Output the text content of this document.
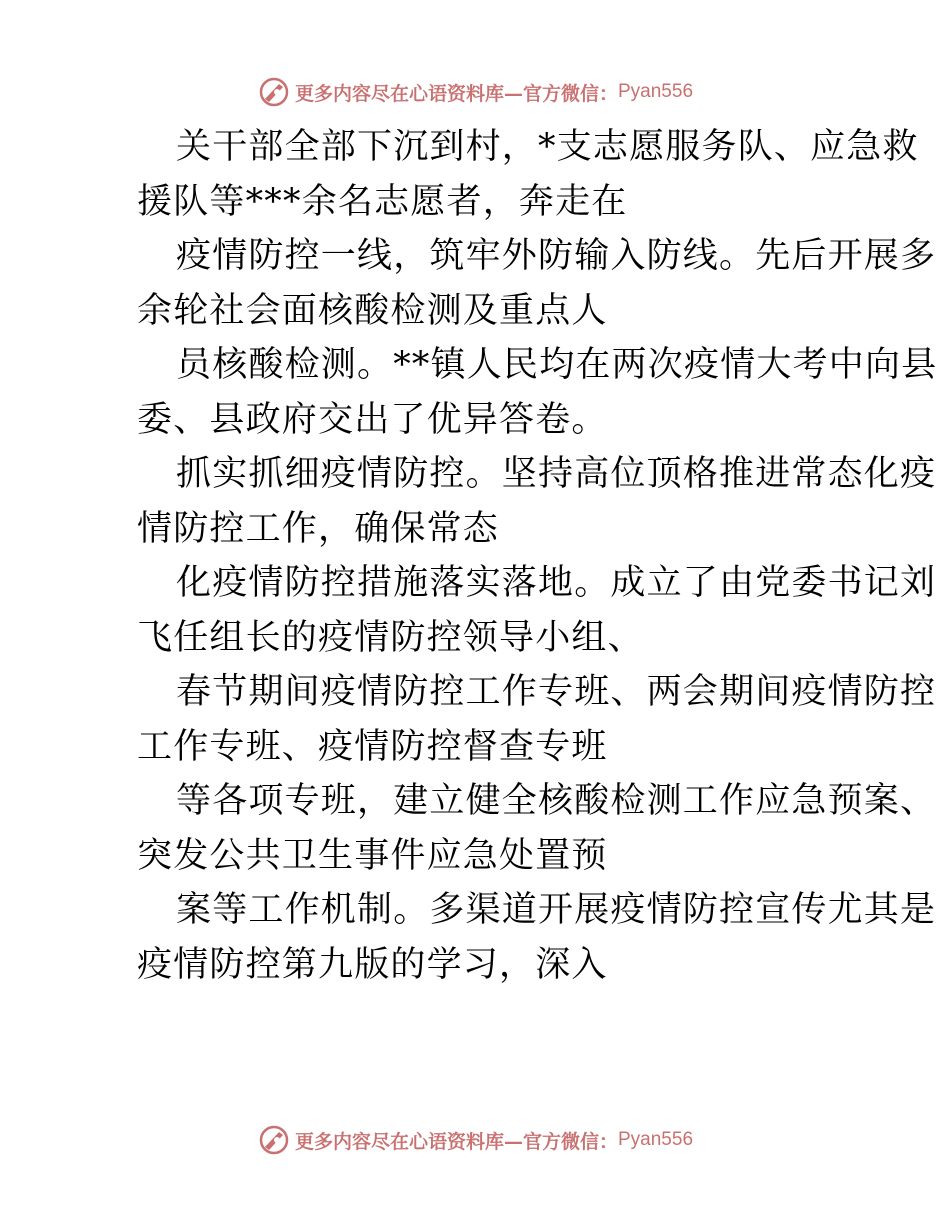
更多内容尽在心语资料库—官方微信： Pyan556
关干部全部下沉到村，*支志愿服务队、应急救
援队等***余名志愿者，奔走在
疫情防控一线，筑牢外防输入防线。先后开展多
余轮社会面核酸检测及重点人
员核酸检测。**镇人民均在两次疫情大考中向县
委、县政府交出了优异答卷。
抓实抓细疫情防控。坚持高位顶格推进常态化疫
情防控工作，确保常态
化疫情防控措施落实落地。成立了由党委书记刘
飞任组长的疫情防控领导小组、
春节期间疫情防控工作专班、两会期间疫情防控
工作专班、疫情防控督查专班
等各项专班，建立健全核酸检测工作应急预案、
突发公共卫生事件应急处置预
案等工作机制。多渠道开展疫情防控宣传尤其是
疫情防控第九版的学习，深入
更多内容尽在心语资料库—官方微信： Pyan556
